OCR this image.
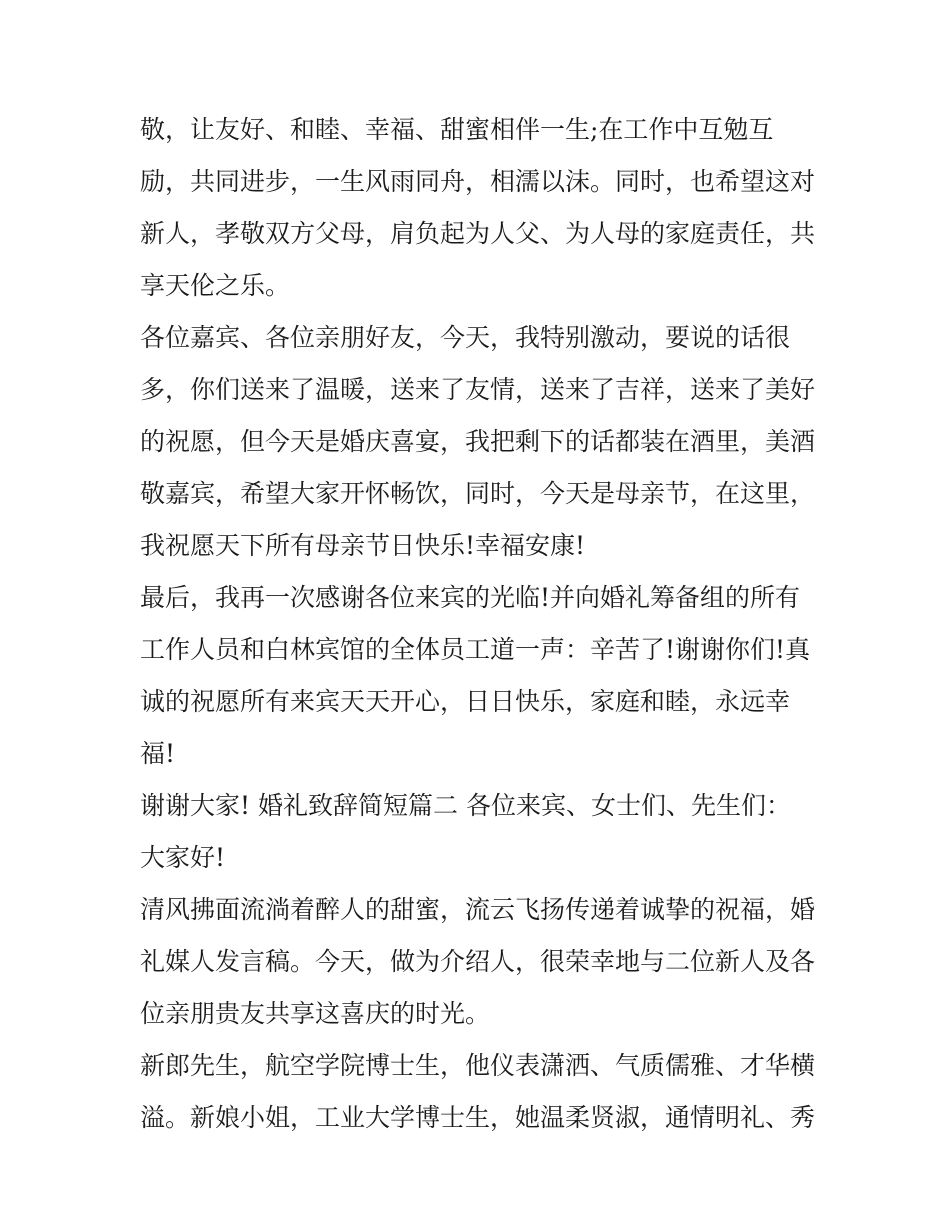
敬，让友好、和睦、幸福、甜蜜相伴一生;在工作中互勉互
励，共同进步，一生风雨同舟，相濡以沫。同时，也希望这对
新人，孝敬双方父母，肩负起为人父、为人母的家庭责任，共
享天伦之乐。
各位嘉宾、各位亲朋好友，今天，我特别激动，要说的话很
多，你们送来了温暖，送来了友情，送来了吉祥，送来了美好
的祝愿，但今天是婚庆喜宴，我把剩下的话都装在酒里，美酒
敬嘉宾，希望大家开怀畅饮，同时，今天是母亲节，在这里，
我祝愿天下所有母亲节日快乐!幸福安康!
最后，我再一次感谢各位来宾的光临!并向婚礼筹备组的所有
工作人员和白林宾馆的全体员工道一声：辛苦了!谢谢你们!真
诚的祝愿所有来宾天天开心，日日快乐，家庭和睦，永远幸
福!
谢谢大家! 婚礼致辞简短篇二 各位来宾、女士们、先生们：
大家好!
清风拂面流淌着醉人的甜蜜，流云飞扬传递着诚挚的祝福，婚
礼媒人发言稿。今天，做为介绍人，很荣幸地与二位新人及各
位亲朋贵友共享这喜庆的时光。
新郎先生，航空学院博士生，他仪表潇洒、气质儒雅、才华横
溢。新娘小姐，工业大学博士生，她温柔贤淑，通情明礼、秀
